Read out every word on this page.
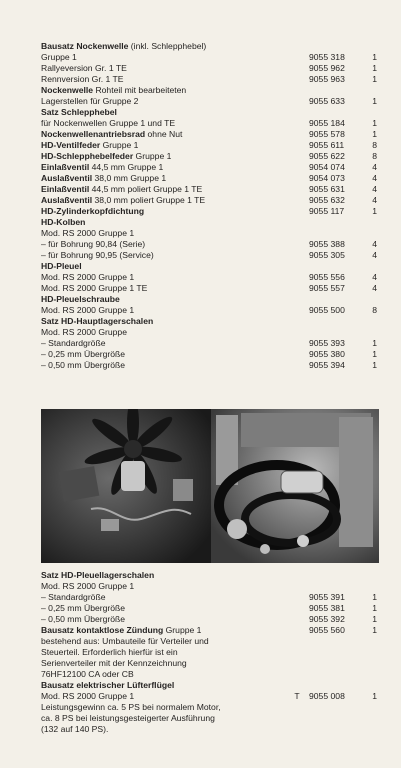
Bausatz Nockenwelle (inkl. Schlepphebel)
Gruppe 1	9055 318	1
Rallyeversion Gr. 1 TE	9055 962	1
Rennversion Gr. 1 TE	9055 963	1
Nockenwelle Rohteil mit bearbeiteten
Lagerstellen für Gruppe 2	9055 633	1
Satz Schlepphebel
für Nockenwellen Gruppe 1 und TE	9055 184	1
Nockenwellenantriebsrad ohne Nut	9055 578	1
HD-Ventilfeder Gruppe 1	9055 611	8
HD-Schlepphebelfeder Gruppe 1	9055 622	8
Einlaßventil 44,5 mm Gruppe 1	9054 074	4
Auslaßventil 38,0 mm Gruppe 1	9054 073	4
Einlaßventil 44,5 mm poliert Gruppe 1 TE	9055 631	4
Auslaßventil 38,0 mm poliert Gruppe 1 TE	9055 632	4
HD-Zylinderkopfdichtung	9055 117	1
HD-Kolben
Mod. RS 2000 Gruppe 1
– für Bohrung 90,84 (Serie)	9055 388	4
– für Bohrung 90,95 (Service)	9055 305	4
HD-Pleuel
Mod. RS 2000 Gruppe 1	9055 556	4
Mod. RS 2000 Gruppe 1 TE	9055 557	4
HD-Pleuelschraube
Mod. RS 2000 Gruppe 1	9055 500	8
Satz HD-Hauptlagerschalen
Mod. RS 2000 Gruppe
– Standardgröße	9055 393	1
– 0,25 mm Übergröße	9055 380	1
– 0,50 mm Übergröße	9055 394	1
Satz HD-Pleuellagerschalen
Mod. RS 2000 Gruppe 1
– Standardgröße	9055 391	1
– 0,25 mm Übergröße	9055 381	1
– 0,50 mm Übergröße	9055 392	1
Bausatz kontaktlose Zündung Gruppe 1	9055 560	1
bestehend aus: Umbauteile für Verteiler und
Steuerteil. Erforderlich hierfür ist ein
Serienverteiler mit der Kennzeichnung
76HF12100 CA oder CB
Bausatz elektrischer Lüfterflügel
Mod. RS 2000 Gruppe 1	T	9055 008	1
Leistungsgewinn ca. 5 PS bei normalem Motor,
ca. 8 PS bei leistungsgesteigerter Ausführung
(132 auf 140 PS).
